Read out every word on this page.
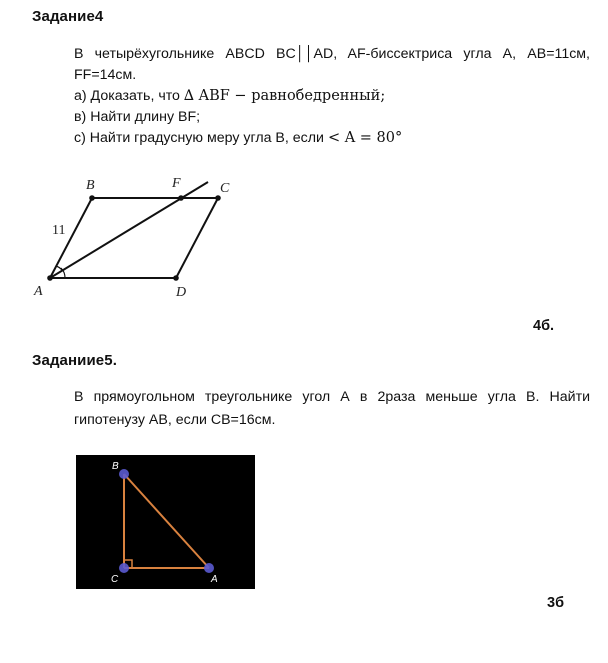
Задание4
В четырёхугольнике ABCD BC││AD, AF-биссектриса угла А, АВ=11см,
FF=14см.
а) Доказать, что ∆ ABF − равнобедренный;
в) Найти длину BF;
с) Найти градусную меру угла В, если < A = 80°
B	F	C
A	D
11
4б.
Заданиие5.
В прямоугольном треугольнике угол А в 2раза меньше угла В. Найти
гипотенузу АВ, если СВ=16см.
B
C	A
3б
